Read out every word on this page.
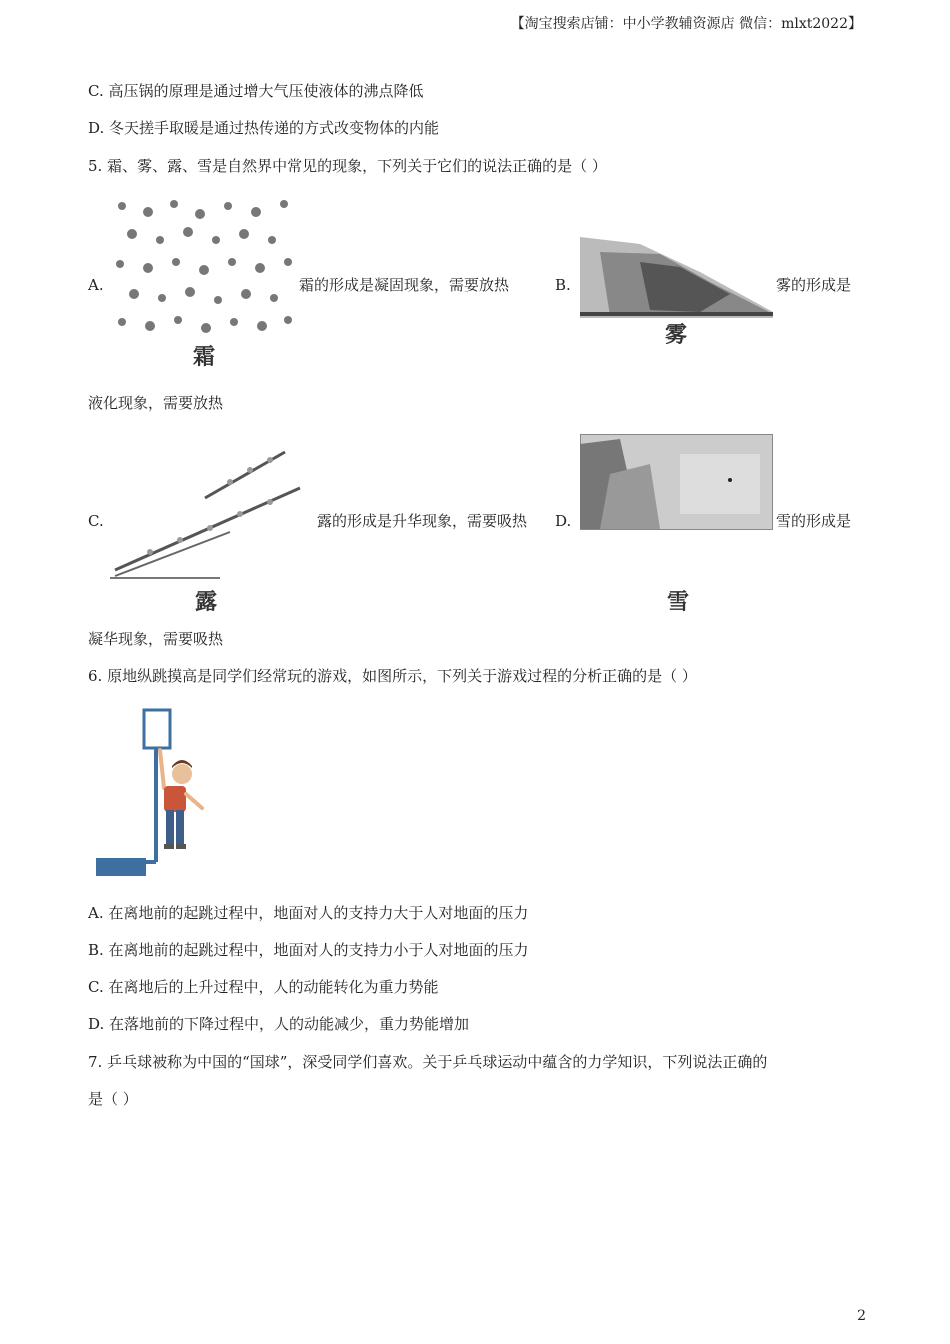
【淘宝搜索店铺：中小学教辅资源店 微信：mlxt2022】
C. 高压锅的原理是通过增大气压使液体的沸点降低
D. 冬天搓手取暖是通过热传递的方式改变物体的内能
5. 霜、雾、露、雪是自然界中常见的现象，下列关于它们的说法正确的是（ ）
A.
霜
霜的形成是凝固现象，需要放热	B.
雾
雾的形成是
液化现象，需要放热
C.
露
露的形成是升华现象，需要吸热 D.
雪
雪的形成是
凝华现象，需要吸热
6. 原地纵跳摸高是同学们经常玩的游戏，如图所示，下列关于游戏过程的分析正确的是（ ）
A. 在离地前的起跳过程中，地面对人的支持力大于人对地面的压力
B. 在离地前的起跳过程中，地面对人的支持力小于人对地面的压力
C. 在离地后的上升过程中，人的动能转化为重力势能
D. 在落地前的下降过程中，人的动能减少，重力势能增加
7. 乒乓球被称为中国的“国球”，深受同学们喜欢。关于乒乓球运动中蕴含的力学知识，下列说法正确的
是（ ）
2
